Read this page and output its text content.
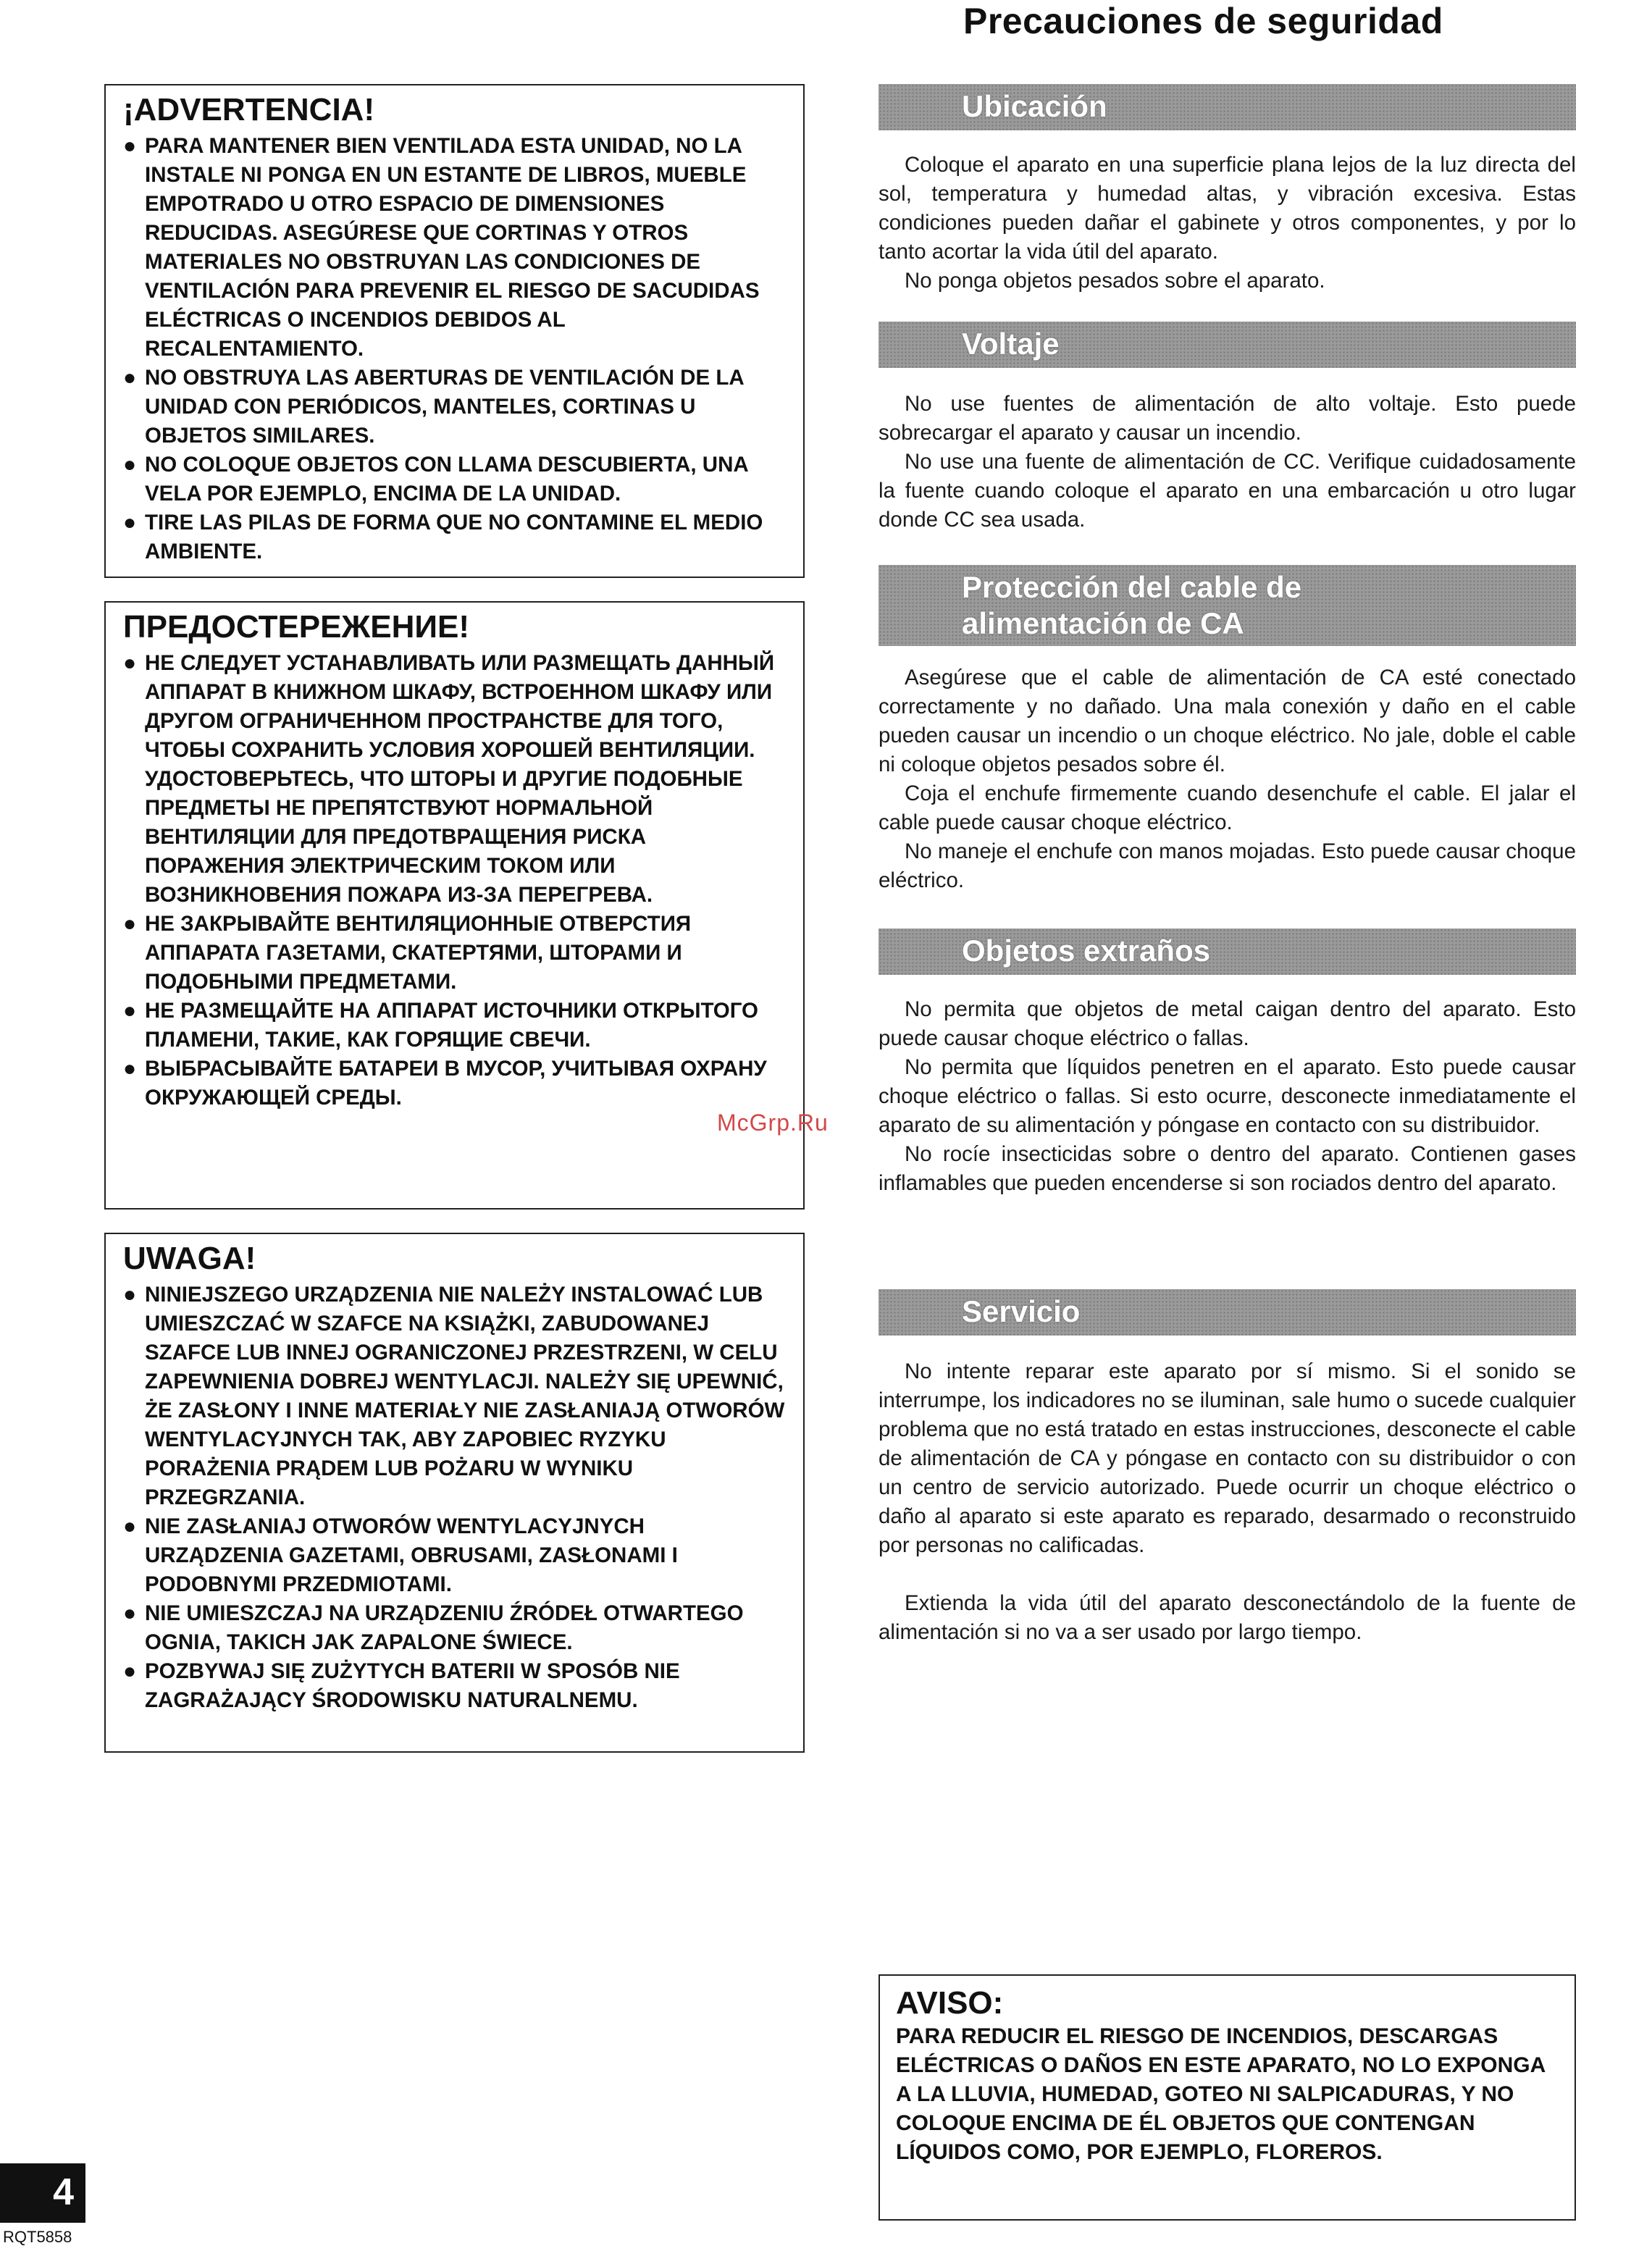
Precauciones de seguridad
¡ADVERTENCIA!
● PARA MANTENER BIEN VENTILADA ESTA UNIDAD, NO LA INSTALE NI PONGA EN UN ESTANTE DE LIBROS, MUEBLE EMPOTRADO U OTRO ESPACIO DE DIMENSIONES REDUCIDAS. ASEGÚRESE QUE CORTINAS Y OTROS MATERIALES NO OBSTRUYAN LAS CONDICIONES DE VENTILACIÓN PARA PREVENIR EL RIESGO DE SACUDIDAS ELÉCTRICAS O INCENDIOS DEBIDOS AL RECALENTAMIENTO.
● NO OBSTRUYA LAS ABERTURAS DE VENTILACIÓN DE LA UNIDAD CON PERIÓDICOS, MANTELES, CORTINAS U OBJETOS SIMILARES.
● NO COLOQUE OBJETOS CON LLAMA DESCUBIERTA, UNA VELA POR EJEMPLO, ENCIMA DE LA UNIDAD.
● TIRE LAS PILAS DE FORMA QUE NO CONTAMINE EL MEDIO AMBIENTE.
ПРЕДОСТЕРЕЖЕНИЕ!
● НЕ СЛЕДУЕТ УСТАНАВЛИВАТЬ ИЛИ РАЗМЕЩАТЬ ДАННЫЙ АППАРАТ В КНИЖНОМ ШКАФУ, ВСТРОЕННОМ ШКАФУ ИЛИ ДРУГОМ ОГРАНИЧЕННОМ ПРОСТРАНСТВЕ ДЛЯ ТОГО, ЧТОБЫ СОХРАНИТЬ УСЛОВИЯ ХОРОШЕЙ ВЕНТИЛЯЦИИ. УДОСТОВЕРЬТЕСЬ, ЧТО ШТОРЫ И ДРУГИЕ ПОДОБНЫЕ ПРЕДМЕТЫ НЕ ПРЕПЯТСТВУЮТ НОРМАЛЬНОЙ ВЕНТИЛЯЦИИ ДЛЯ ПРЕДОТВРАЩЕНИЯ РИСКА ПОРАЖЕНИЯ ЭЛЕКТРИЧЕСКИМ ТОКОМ ИЛИ ВОЗНИКНОВЕНИЯ ПОЖАРА ИЗ-ЗА ПЕРЕГРЕВА.
● НЕ ЗАКРЫВАЙТЕ ВЕНТИЛЯЦИОННЫЕ ОТВЕРСТИЯ АППАРАТА ГАЗЕТАМИ, СКАТЕРТЯМИ, ШТОРАМИ И ПОДОБНЫМИ ПРЕДМЕТАМИ.
● НЕ РАЗМЕЩАЙТЕ НА АППАРАТ ИСТОЧНИКИ ОТКРЫТОГО ПЛАМЕНИ, ТАКИЕ, КАК ГОРЯЩИЕ СВЕЧИ.
● ВЫБРАСЫВАЙТЕ БАТАРЕИ В МУСОР, УЧИТЫВАЯ ОХРАНУ ОКРУЖАЮЩЕЙ СРЕДЫ.
UWAGA!
● NINIEJSZEGO URZĄDZENIA NIE NALEŻY INSTALOWAĆ LUB UMIESZCZAĆ W SZAFCE NA KSIĄŻKI, ZABUDOWANEJ SZAFCE LUB INNEJ OGRANICZONEJ PRZESTRZENI, W CELU ZAPEWNIENIA DOBREJ WENTYLACJI. NALEŻY SIĘ UPEWNIĆ, ŻE ZASŁONY I INNE MATERIAŁY NIE ZASŁANIAJĄ OTWORÓW WENTYLACYJNYCH TAK, ABY ZAPOBIEC RYZYKU PORAŻENIA PRĄDEM LUB POŻARU W WYNIKU PRZEGRZANIA.
● NIE ZASŁANIAJ OTWORÓW WENTYLACYJNYCH URZĄDZENIA GAZETAMI, OBRUSAMI, ZASŁONAMI I PODOBNYMI PRZEDMIOTAMI.
● NIE UMIESZCZAJ NA URZĄDZENIU ŹRÓDEŁ OTWARTEGO OGNIA, TAKICH JAK ZAPALONE ŚWIECE.
● POZBYWAJ SIĘ ZUŻYTYCH BATERII W SPOSÓB NIE ZAGRAŻAJĄCY ŚRODOWISKU NATURALNEMU.
Ubicación

Coloque el aparato en una superficie plana lejos de la luz directa del sol, temperatura y humedad altas, y vibración excesiva. Estas condiciones pueden dañar el gabinete y otros componentes, y por lo tanto acortar la vida útil del aparato.

No ponga objetos pesados sobre el aparato.

Voltaje

No use fuentes de alimentación de alto voltaje. Esto puede sobrecargar el aparato y causar un incendio.

No use una fuente de alimentación de CC. Verifique cuidadosamente la fuente cuando coloque el aparato en una embarcación u otro lugar donde CC sea usada.

Protección del cable de
alimentación de CA

Asegúrese que el cable de alimentación de CA esté conectado correctamente y no dañado. Una mala conexión y daño en el cable pueden causar un incendio o un choque eléctrico. No jale, doble el cable ni coloque objetos pesados sobre él.

Coja el enchufe firmemente cuando desenchufe el cable. El jalar el cable puede causar choque eléctrico.

No maneje el enchufe con manos mojadas. Esto puede causar choque eléctrico.

Objetos extraños

No permita que objetos de metal caigan dentro del aparato. Esto puede causar choque eléctrico o fallas.

No permita que líquidos penetren en el aparato. Esto puede causar choque eléctrico o fallas. Si esto ocurre, desconecte inmediatamente el aparato de su alimentación y póngase en contacto con su distribuidor.

No rocíe insecticidas sobre o dentro del aparato. Contienen gases inflamables que pueden encenderse si son rociados dentro del aparato.

Servicio

No intente reparar este aparato por sí mismo. Si el sonido se interrumpe, los indicadores no se iluminan, sale humo o sucede cualquier problema que no está tratado en estas instrucciones, desconecte el cable de alimentación de CA y póngase en contacto con su distribuidor o con un centro de servicio autorizado. Puede ocurrir un choque eléctrico o daño al aparato si este aparato es reparado, desarmado o reconstruido por personas no calificadas.

Extienda la vida útil del aparato desconectándolo de la fuente de alimentación si no va a ser usado por largo tiempo.

AVISO:
PARA REDUCIR EL RIESGO DE INCENDIOS, DESCARGAS ELÉCTRICAS O DAÑOS EN ESTE APARATO, NO LO EXPONGA A LA LLUVIA, HUMEDAD, GOTEO NI SALPICADURAS, Y NO COLOQUE ENCIMA DE ÉL OBJETOS QUE CONTENGAN LÍQUIDOS COMO, POR EJEMPLO, FLOREROS.
McGrp.Ru
4
RQT5858
